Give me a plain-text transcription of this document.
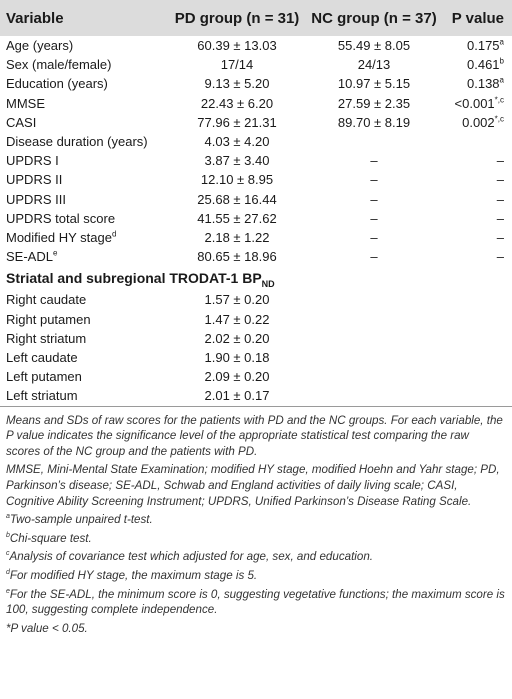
Variable	PD group (n = 31)	NC group (n = 37)	P value
Age (years)	60.39 ± 13.03	55.49 ± 8.05	0.175$^a$
Sex (male/female)	17/14	24/13	0.461$^b$
Education (years)	9.13 ± 5.20	10.97 ± 5.15	0.138$^a$
MMSE	22.43 ± 6.20	27.59 ± 2.35	$<0.001^{*,c}$
CASI	77.96 ± 21.31	89.70 ± 8.19	$0.002^{*,c}$
Disease duration (years)	4.03 ± 4.20		
UPDRS I	3.87 ± 3.40	–	–
UPDRS II	12.10 ± 8.95	–	–
UPDRS III	25.68 ± 16.44	–	–
UPDRS total score	41.55 ± 27.62	–	–
Modified HY stage$^d$	2.18 ± 1.22	–	–
SE-ADL$^e$	80.65 ± 18.96	–	–
Striatal and subregional TRODAT-1 $BP_{ND}$
Right caudate	1.57 ± 0.20		
Right putamen	1.47 ± 0.22		
Right striatum	2.02 ± 0.20		
Left caudate	1.90 ± 0.18		
Left putamen	2.09 ± 0.20		
Left striatum	2.01 ± 0.17		

Means and SDs of raw scores for the patients with PD and the NC groups. For each variable, the P value indicates the significance level of the appropriate statistical test comparing the raw scores of the NC group and the patients with PD.

MMSE, Mini-Mental State Examination; modified HY stage, modified Hoehn and Yahr stage; PD, Parkinson’s disease; SE-ADL, Schwab and England activities of daily living scale; CASI, Cognitive Ability Screening Instrument; UPDRS, Unified Parkinson’s Disease Rating Scale.

$^a$Two-sample unpaired t-test.

$^b$Chi-square test.

$^c$Analysis of covariance test which adjusted for age, sex, and education.

$^d$For modified HY stage, the maximum stage is 5.

$^e$For the SE-ADL, the minimum score is 0, suggesting vegetative functions; the maximum score is 100, suggesting complete independence.

*P value < 0.05.
